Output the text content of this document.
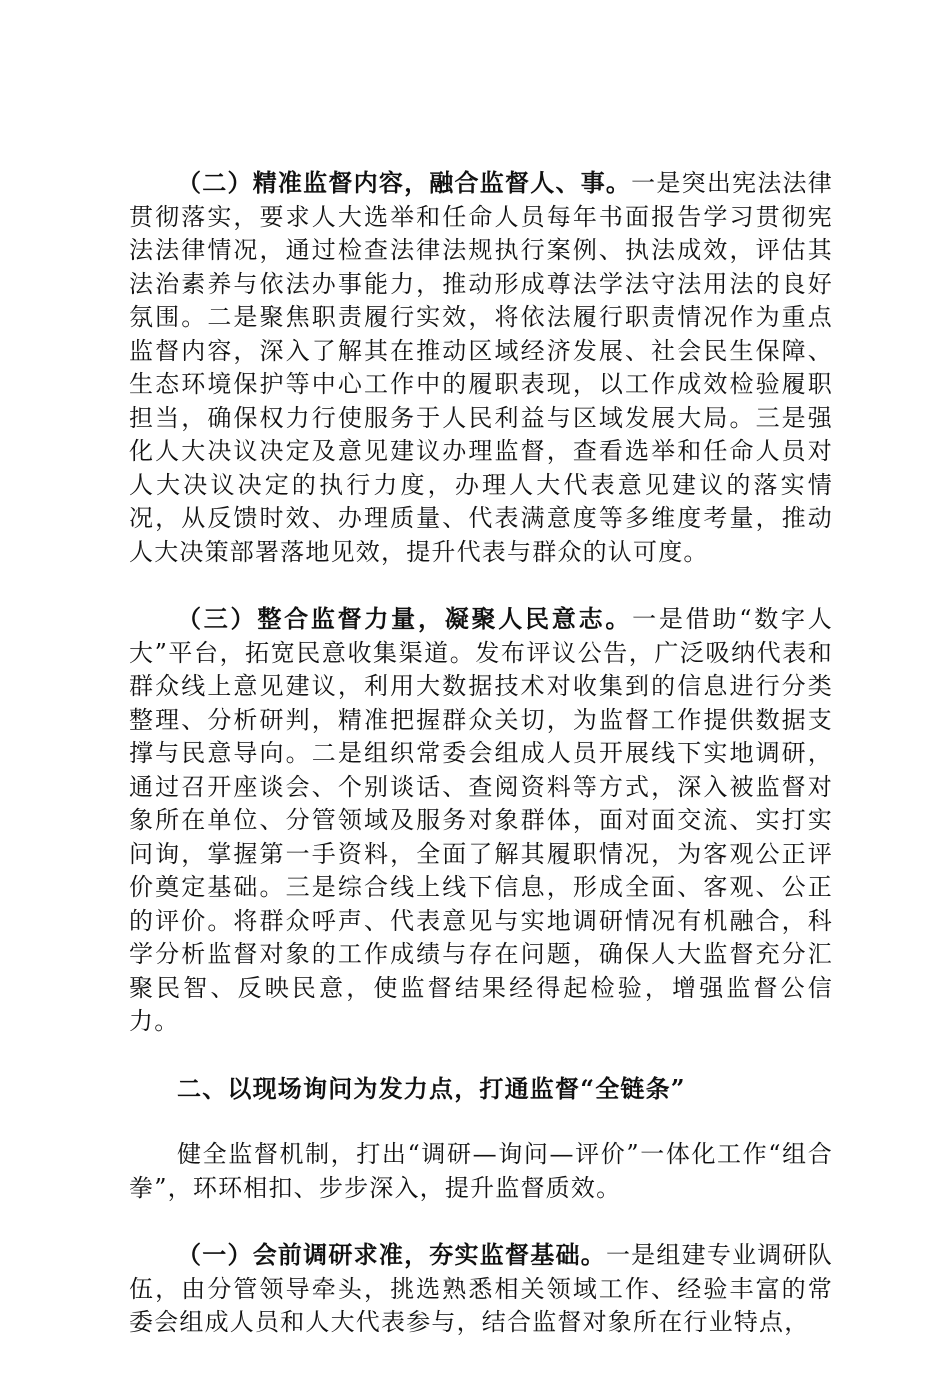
（二）精准监督内容，融合监督人、事。一是突出宪法法律贯彻落实，要求人大选举和任命人员每年书面报告学习贯彻宪法法律情况，通过检查法律法规执行案例、执法成效，评估其法治素养与依法办事能力，推动形成尊法学法守法用法的良好氛围。二是聚焦职责履行实效，将依法履行职责情况作为重点监督内容，深入了解其在推动区域经济发展、社会民生保障、生态环境保护等中心工作中的履职表现，以工作成效检验履职担当，确保权力行使服务于人民利益与区域发展大局。三是强化人大决议决定及意见建议办理监督，查看选举和任命人员对人大决议决定的执行力度，办理人大代表意见建议的落实情况，从反馈时效、办理质量、代表满意度等多维度考量，推动人大决策部署落地见效，提升代表与群众的认可度。

（三）整合监督力量，凝聚人民意志。一是借助“数字人大”平台，拓宽民意收集渠道。发布评议公告，广泛吸纳代表和群众线上意见建议，利用大数据技术对收集到的信息进行分类整理、分析研判，精准把握群众关切，为监督工作提供数据支撑与民意导向。二是组织常委会组成人员开展线下实地调研，通过召开座谈会、个别谈话、查阅资料等方式，深入被监督对象所在单位、分管领域及服务对象群体，面对面交流、实打实问询，掌握第一手资料，全面了解其履职情况，为客观公正评价奠定基础。三是综合线上线下信息，形成全面、客观、公正的评价。将群众呼声、代表意见与实地调研情况有机融合，科学分析监督对象的工作成绩与存在问题，确保人大监督充分汇聚民智、反映民意，使监督结果经得起检验，增强监督公信力。

二、以现场询问为发力点，打通监督“全链条”

健全监督机制，打出“调研—询问—评价”一体化工作“组合拳”，环环相扣、步步深入，提升监督质效。

（一）会前调研求准，夯实监督基础。一是组建专业调研队伍，由分管领导牵头，挑选熟悉相关领域工作、经验丰富的常委会组成人员和人大代表参与，结合监督对象所在行业特点，
